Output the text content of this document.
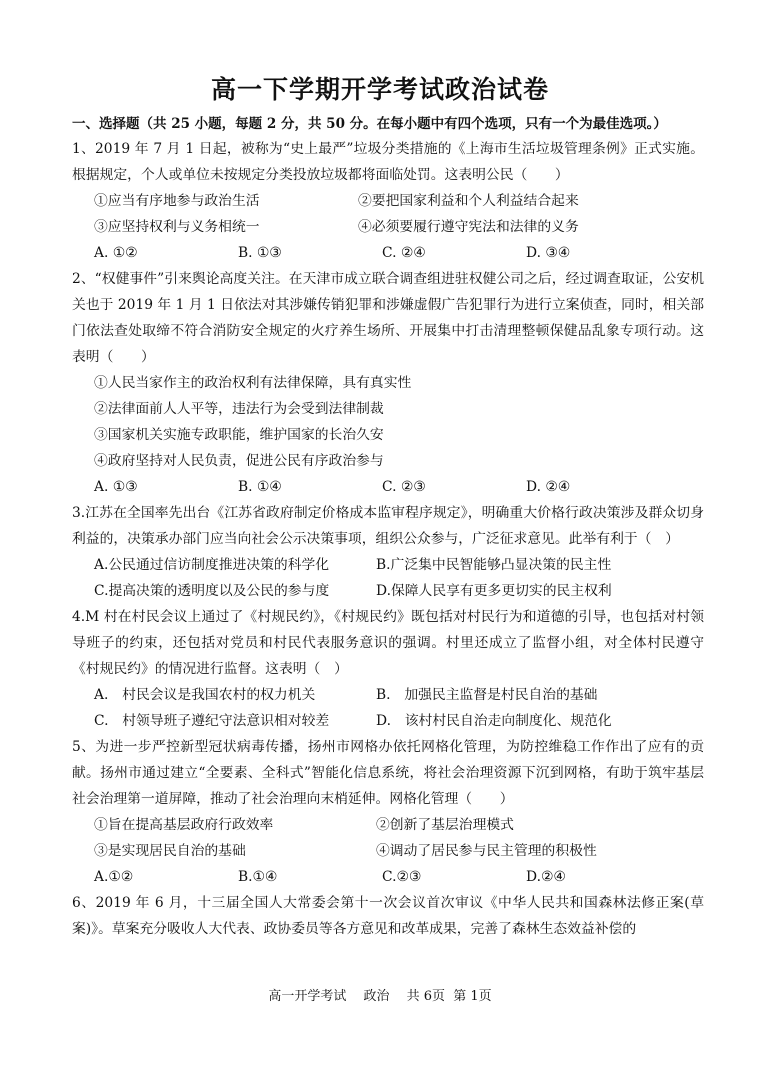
高一下学期开学考试政治试卷
一、选择题（共 25 小题，每题 2 分，共 50 分。在每小题中有四个选项，只有一个为最佳选项。）
1、2019 年 7 月 1 日起，被称为“史上最严”垃圾分类措施的《上海市生活垃圾管理条例》正式实施。根据规定，个人或单位未按规定分类投放垃圾都将面临处罚。这表明公民（　　）
①应当有序地参与政治生活	②要把国家利益和个人利益结合起来
③应坚持权利与义务相统一	④必须要履行遵守宪法和法律的义务
A. ①②	B. ①③	C. ②④	D. ③④
2、“权健事件”引来舆论高度关注。在天津市成立联合调查组进驻权健公司之后，经过调查取证，公安机关也于 2019 年 1 月 1 日依法对其涉嫌传销犯罪和涉嫌虚假广告犯罪行为进行立案侦查，同时，相关部门依法查处取缔不符合消防安全规定的火疗养生场所、开展集中打击清理整顿保健品乱象专项行动。这表明（　　）
①人民当家作主的政治权利有法律保障，具有真实性
②法律面前人人平等，违法行为会受到法律制裁
③国家机关实施专政职能，维护国家的长治久安
④政府坚持对人民负责，促进公民有序政治参与
A. ①③	B. ①④	C. ②③	D. ②④
3.江苏在全国率先出台《江苏省政府制定价格成本监审程序规定》，明确重大价格行政决策涉及群众切身利益的，决策承办部门应当向社会公示决策事项，组织公众参与，广泛征求意见。此举有利于（　）
A.公民通过信访制度推进决策的科学化	B.广泛集中民智能够凸显决策的民主性
C.提高决策的透明度以及公民的参与度	D.保障人民享有更多更切实的民主权利
4.M 村在村民会议上通过了《村规民约》，《村规民约》既包括对村民行为和道德的引导，也包括对村领导班子的约束，还包括对党员和村民代表服务意识的强调。村里还成立了监督小组，对全体村民遵守《村规民约》的情况进行监督。这表明（　）
A.　村民会议是我国农村的权力机关	B.　加强民主监督是村民自治的基础
C.　村领导班子遵纪守法意识相对较差	D.　该村村民自治走向制度化、规范化
5、为进一步严控新型冠状病毒传播，扬州市网格办依托网格化管理，为防控维稳工作作出了应有的贡献。扬州市通过建立“全要素、全科式”智能化信息系统，将社会治理资源下沉到网格，有助于筑牢基层社会治理第一道屏障，推动了社会治理向末梢延伸。网格化管理（　　）
①旨在提高基层政府行政效率	②创新了基层治理模式
③是实现居民自治的基础	④调动了居民参与民主管理的积极性
A.①②	B.①④	C.②③	D.②④
6、2019 年 6 月，十三届全国人大常委会第十一次会议首次审议《中华人民共和国森林法修正案(草案)》。草案充分吸收人大代表、政协委员等各方意见和改革成果，完善了森林生态效益补偿的
高一开学考试　 政治　 共 6页  第 1页
